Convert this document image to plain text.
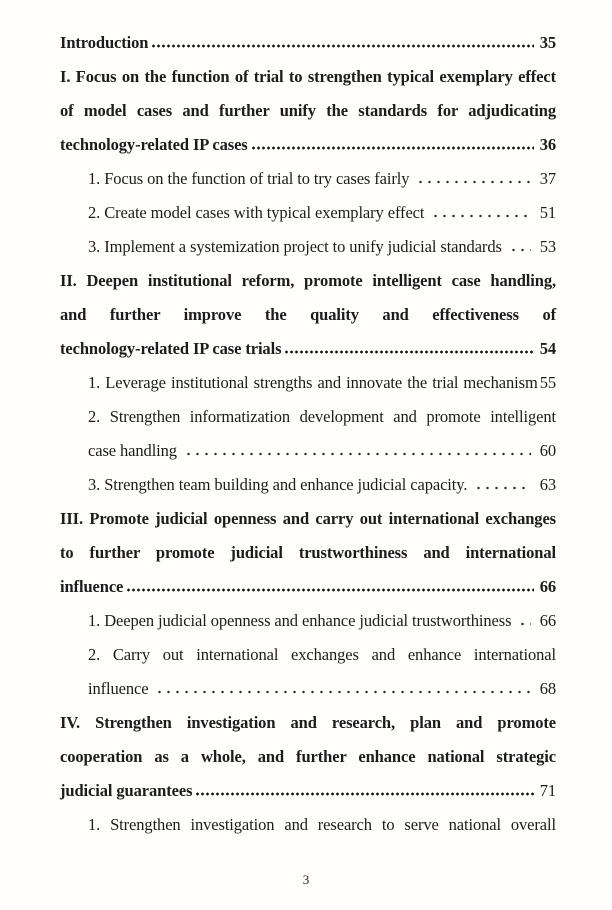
Introduction	35
I. Focus on the function of trial to strengthen typical exemplary effect
of model cases and further unify the standards for adjudicating
technology-related IP cases	36
1. Focus on the function of trial to try cases fairly	37
2. Create model cases with typical exemplary effect	51
3. Implement a systemization project to unify judicial standards 53
II. Deepen institutional reform, promote intelligent case handling,
and further improve the quality and effectiveness of
technology-related IP case trials	54
1. Leverage institutional strengths and innovate the trial mechanism 55
2. Strengthen informatization development and promote intelligent
case handling	60
3. Strengthen team building and enhance judicial capacity.	63
III. Promote judicial openness and carry out international exchanges
to further promote judicial trustworthiness and international
influence	66
1. Deepen judicial openness and enhance judicial trustworthiness 66
2. Carry out international exchanges and enhance international
influence	68
IV. Strengthen investigation and research, plan and promote
cooperation as a whole, and further enhance national strategic
judicial guarantees	71
1. Strengthen investigation and research to serve national overall
3
